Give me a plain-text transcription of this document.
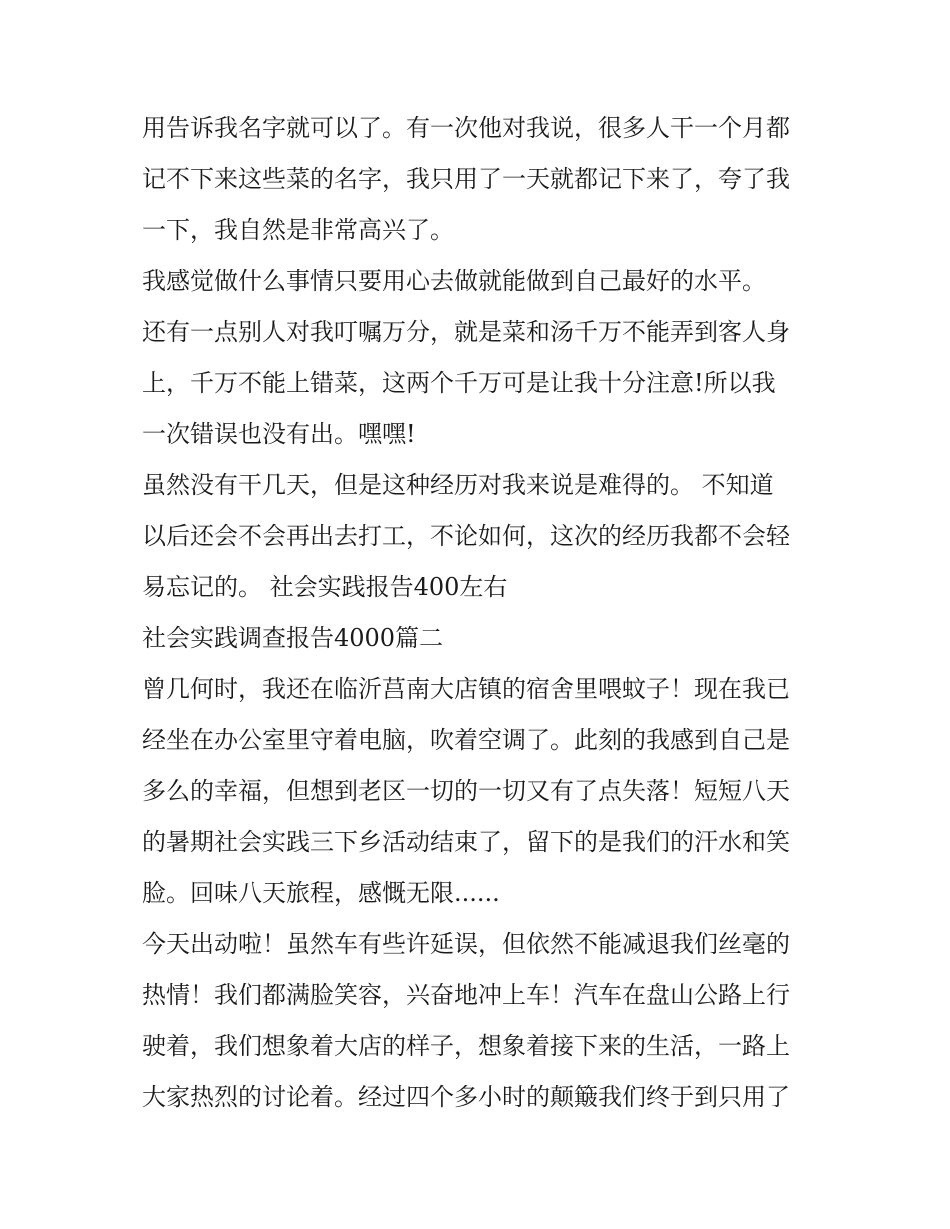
用告诉我名字就可以了。有一次他对我说，很多人干一个月都
记不下来这些菜的名字，我只用了一天就都记下来了，夸了我
一下，我自然是非常高兴了。

我感觉做什么事情只要用心去做就能做到自己最好的水平。

还有一点别人对我叮嘱万分，就是菜和汤千万不能弄到客人身
上，千万不能上错菜，这两个千万可是让我十分注意!所以我
一次错误也没有出。嘿嘿!

虽然没有干几天，但是这种经历对我来说是难得的。 不知道
以后还会不会再出去打工，不论如何，这次的经历我都不会轻
易忘记的。 社会实践报告400左右

社会实践调查报告4000篇二

曾几何时，我还在临沂莒南大店镇的宿舍里喂蚊子！现在我已
经坐在办公室里守着电脑，吹着空调了。此刻的我感到自己是
多么的幸福，但想到老区一切的一切又有了点失落！短短八天
的暑期社会实践三下乡活动结束了，留下的是我们的汗水和笑
脸。回味八天旅程，感慨无限......

今天出动啦！虽然车有些许延误，但依然不能减退我们丝毫的
热情！我们都满脸笑容，兴奋地冲上车！汽车在盘山公路上行
驶着，我们想象着大店的样子，想象着接下来的生活，一路上
大家热烈的讨论着。经过四个多小时的颠簸我们终于到只用了
